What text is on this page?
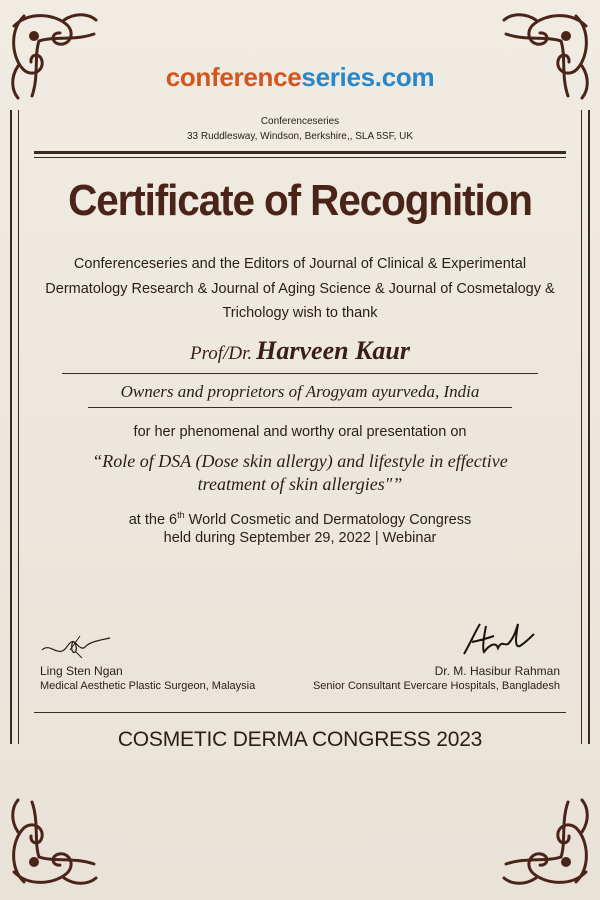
conferenceseries.com
Conferenceseries
33 Ruddlesway, Windson, Berkshire,, SLA 5SF, UK
Certificate of Recognition
Conferenceseries and the Editors of Journal of Clinical & Experimental
Dermatology Research & Journal of Aging Science & Journal of Cosmetalogy &
Trichology wish to thank
Prof/Dr. Harveen Kaur
Owners and proprietors of Arogyam ayurveda, India
for her phenomenal and worthy oral presentation on
“Role of DSA (Dose skin allergy) and lifestyle in effective
treatment of skin allergies"”
at the 6th World Cosmetic and Dermatology Congress
held during September 29, 2022 | Webinar
Ling Sten Ngan
Medical Aesthetic Plastic Surgeon, Malaysia
Dr. M. Hasibur Rahman
Senior Consultant Evercare Hospitals, Bangladesh
COSMETIC DERMA CONGRESS 2023
